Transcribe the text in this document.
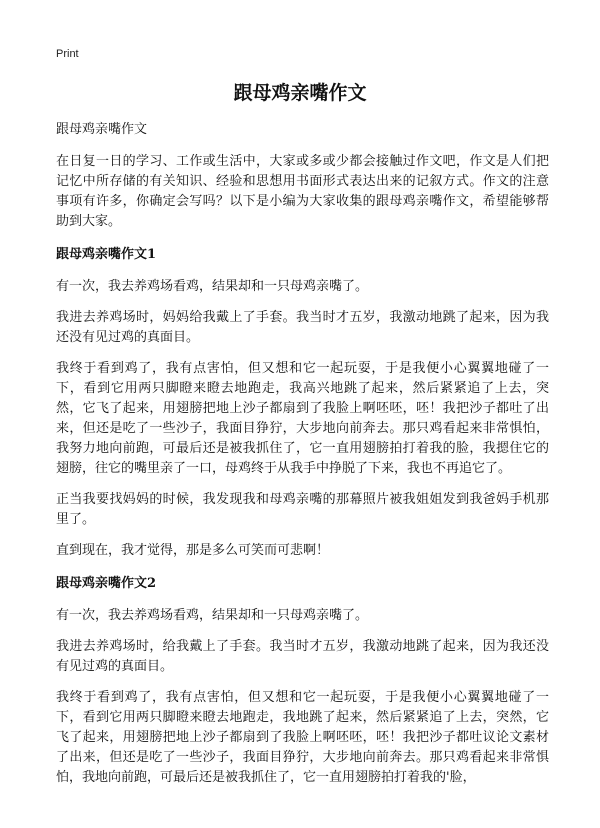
Print
跟母鸡亲嘴作文

跟母鸡亲嘴作文

在日复一日的学习、工作或生活中，大家或多或少都会接触过作文吧，作文是人们把记忆中所存储的有关知识、经验和思想用书面形式表达出来的记叙方式。作文的注意事项有许多，你确定会写吗？以下是小编为大家收集的跟母鸡亲嘴作文，希望能够帮助到大家。

跟母鸡亲嘴作文1

有一次，我去养鸡场看鸡，结果却和一只母鸡亲嘴了。

我进去养鸡场时，妈妈给我戴上了手套。我当时才五岁，我激动地跳了起来，因为我还没有见过鸡的真面目。

我终于看到鸡了，我有点害怕，但又想和它一起玩耍，于是我便小心翼翼地碰了一下，看到它用两只脚瞪来瞪去地跑走，我高兴地跳了起来，然后紧紧追了上去，突然，它飞了起来，用翅膀把地上沙子都扇到了我脸上啊呸呸，呸！我把沙子都吐了出来，但还是吃了一些沙子，我面目狰狞，大步地向前奔去。那只鸡看起来非常惧怕，我努力地向前跑，可最后还是被我抓住了，它一直用翅膀拍打着我的脸，我摁住它的翅膀，往它的嘴里亲了一口，母鸡终于从我手中挣脱了下来，我也不再追它了。

正当我要找妈妈的时候，我发现我和母鸡亲嘴的那幕照片被我姐姐发到我爸妈手机那里了。

直到现在，我才觉得，那是多么可笑而可悲啊！

跟母鸡亲嘴作文2

有一次，我去养鸡场看鸡，结果却和一只母鸡亲嘴了。

我进去养鸡场时，给我戴上了手套。我当时才五岁，我激动地跳了起来，因为我还没有见过鸡的真面目。

我终于看到鸡了，我有点害怕，但又想和它一起玩耍，于是我便小心翼翼地碰了一下，看到它用两只脚瞪来瞪去地跑走，我地跳了起来，然后紧紧追了上去，突然，它飞了起来，用翅膀把地上沙子都扇到了我脸上啊呸呸，呸！我把沙子都吐议论文素材了出来，但还是吃了一些沙子，我面目狰狞，大步地向前奔去。那只鸡看起来非常惧怕，我地向前跑，可最后还是被我抓住了，它一直用翅膀拍打着我的'脸，
